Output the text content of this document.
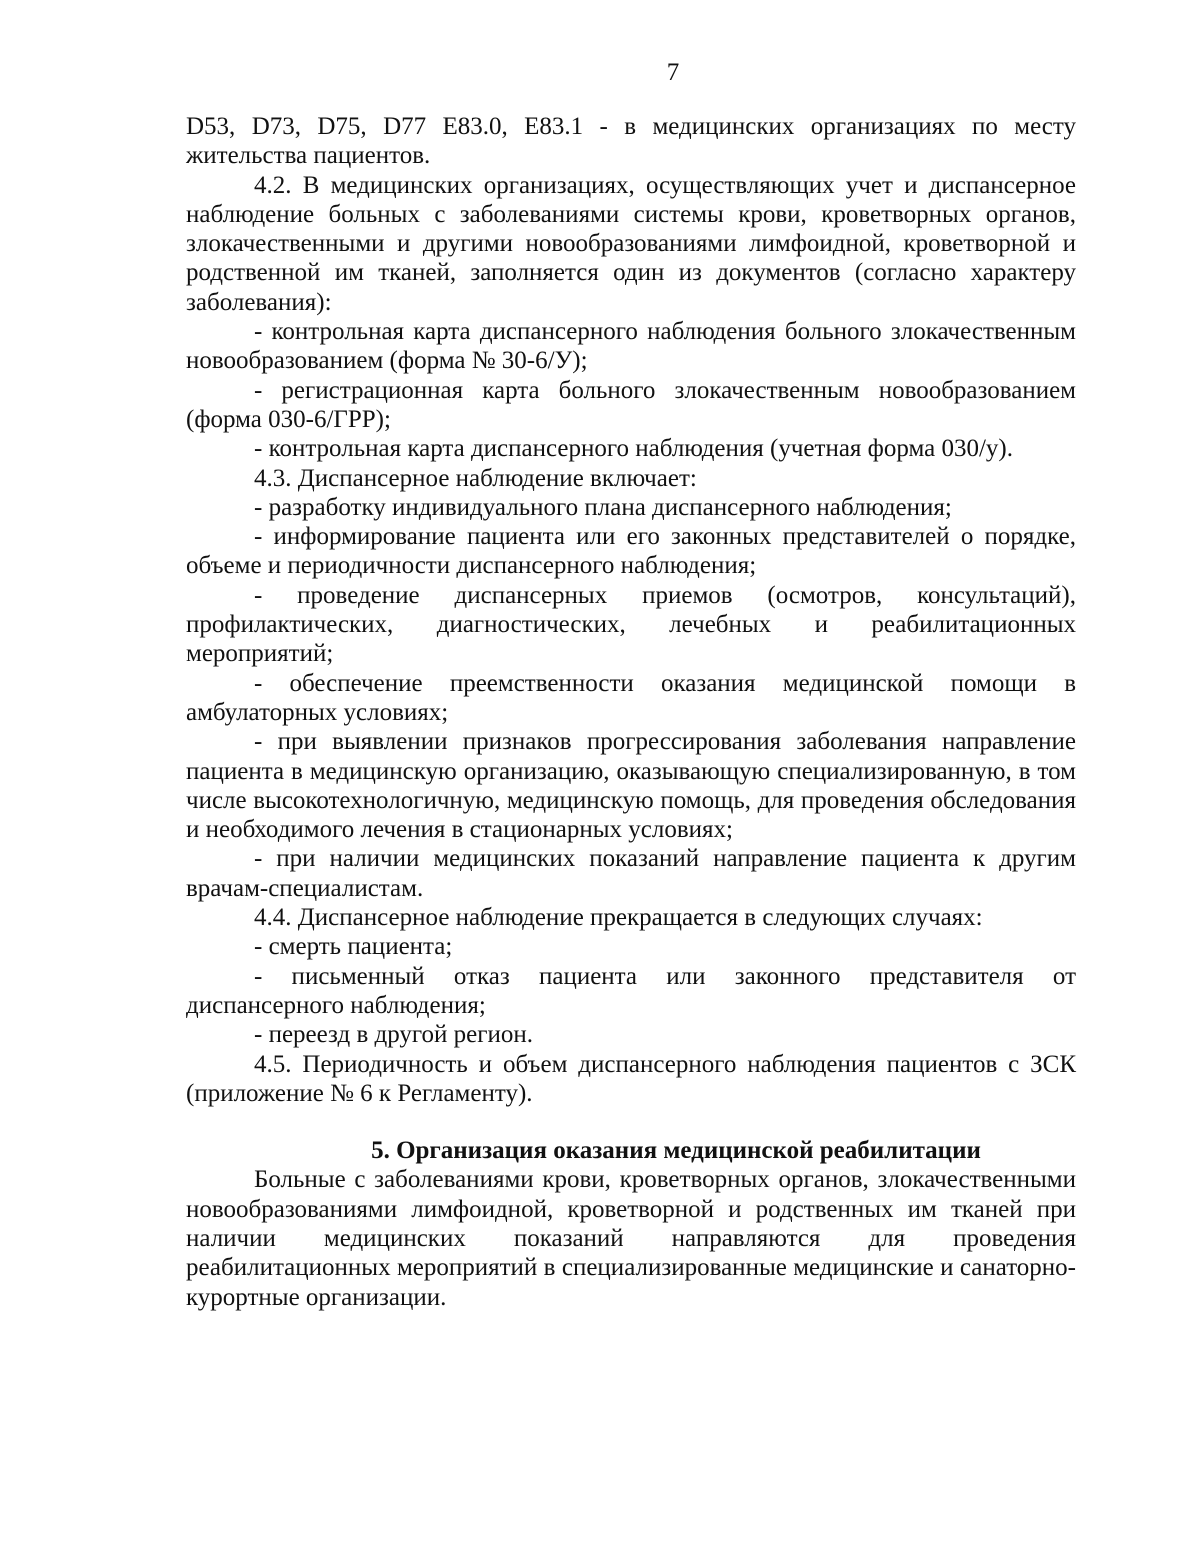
7

D53, D73, D75, D77 E83.0, E83.1 - в медицинских организациях по месту жительства пациентов.

4.2. В медицинских организациях, осуществляющих учет и диспансерное наблюдение больных с заболеваниями системы крови, кроветворных органов, злокачественными и другими новообразованиями лимфоидной, кроветворной и родственной им тканей, заполняется один из документов (согласно характеру заболевания):

- контрольная карта диспансерного наблюдения больного злокачественным новообразованием (форма № 30-6/У);

- регистрационная карта больного злокачественным новообразованием (форма 030-6/ГРР);

- контрольная карта диспансерного наблюдения (учетная форма 030/у).

4.3. Диспансерное наблюдение включает:

- разработку индивидуального плана диспансерного наблюдения;

- информирование пациента или его законных представителей о порядке, объеме и периодичности диспансерного наблюдения;

- проведение диспансерных приемов (осмотров, консультаций), профилактических, диагностических, лечебных и реабилитационных мероприятий;

- обеспечение преемственности оказания медицинской помощи в амбулаторных условиях;

- при выявлении признаков прогрессирования заболевания направление пациента в медицинскую организацию, оказывающую специализированную, в том числе высокотехнологичную, медицинскую помощь, для проведения обследования и необходимого лечения в стационарных условиях;

- при наличии медицинских показаний направление пациента к другим врачам-специалистам.

4.4. Диспансерное наблюдение прекращается в следующих случаях:

- смерть пациента;

- письменный отказ пациента или законного представителя от диспансерного наблюдения;

- переезд в другой регион.

4.5. Периодичность и объем диспансерного наблюдения пациентов с ЗСК (приложение № 6 к Регламенту).

5. Организация оказания медицинской реабилитации

Больные с заболеваниями крови, кроветворных органов, злокачественными новообразованиями лимфоидной, кроветворной и родственных им тканей при наличии медицинских показаний направляются для проведения реабилитационных мероприятий в специализированные медицинские и санаторно-курортные организации.
